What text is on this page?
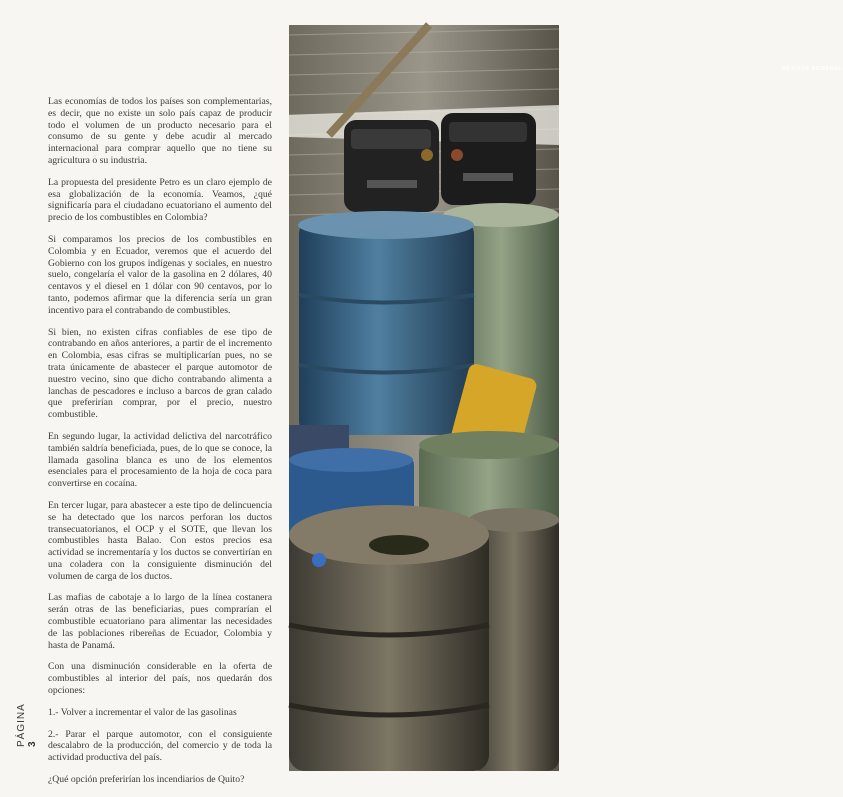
Las economías de todos los países son complementarias, es decir, que no existe un solo país capaz de producir todo el volumen de un producto necesario para el consumo de su gente y debe acudir al mercado internacional para comprar aquello que no tiene su agricultura o su industria.

La propuesta del presidente Petro es un claro ejemplo de esa globalización de la economía. Veamos, ¿qué significaría para el ciudadano ecuatoriano el aumento del precio de los combustibles en Colombia?

Si comparamos los precios de los combustibles en Colombia y en Ecuador, veremos que el acuerdo del Gobierno con los grupos indígenas y sociales, en nuestro suelo, congelaría el valor de la gasolina en 2 dólares, 40 centavos y el diesel en 1 dólar con 90 centavos, por lo tanto, podemos afirmar que la diferencia sería un gran incentivo para el contrabando de combustibles.

Si bien, no existen cifras confiables de ese tipo de contrabando en años anteriores, a partir de el incremento en Colombia, esas cifras se multiplicarían pues, no se trata únicamente de abastecer el parque automotor de nuestro vecino, sino que dicho contrabando alimenta a lanchas de pescadores e incluso a barcos de gran calado que preferirían comprar, por el precio, nuestro combustible.

En segundo lugar, la actividad delictiva del narcotráfico también saldría beneficiada, pues, de lo que se conoce, la llamada gasolina blanca es uno de los elementos esenciales para el procesamiento de la hoja de coca para convertirse en cocaína.

En tercer lugar, para abastecer a este tipo de delincuencia se ha detectado que los narcos perforan los ductos transecuatorianos, el OCP y el SOTE, que llevan los combustibles hasta Balao. Con estos precios esa actividad se incrementaría y los ductos se convertirían en una coladera con la consiguiente disminución del volumen de carga de los ductos.

Las mafias de cabotaje a lo largo de la línea costanera serán otras de las beneficiarias, pues comprarían el combustible ecuatoriano para alimentar las necesidades de las poblaciones ribereñas de Ecuador, Colombia y hasta de Panamá.

Con una disminución considerable en la oferta de combustibles al interior del país, nos quedarán dos opciones:

1.- Volver a incrementar el valor de las gasolinas

2.- Parar el parque automotor, con el consiguiente descalabro de la producción, del comercio y de toda la actividad productiva del país.

¿Qué opción preferirían los incendiarios de Quito?

PÁGINA 3
REVISTA SEMANAL
